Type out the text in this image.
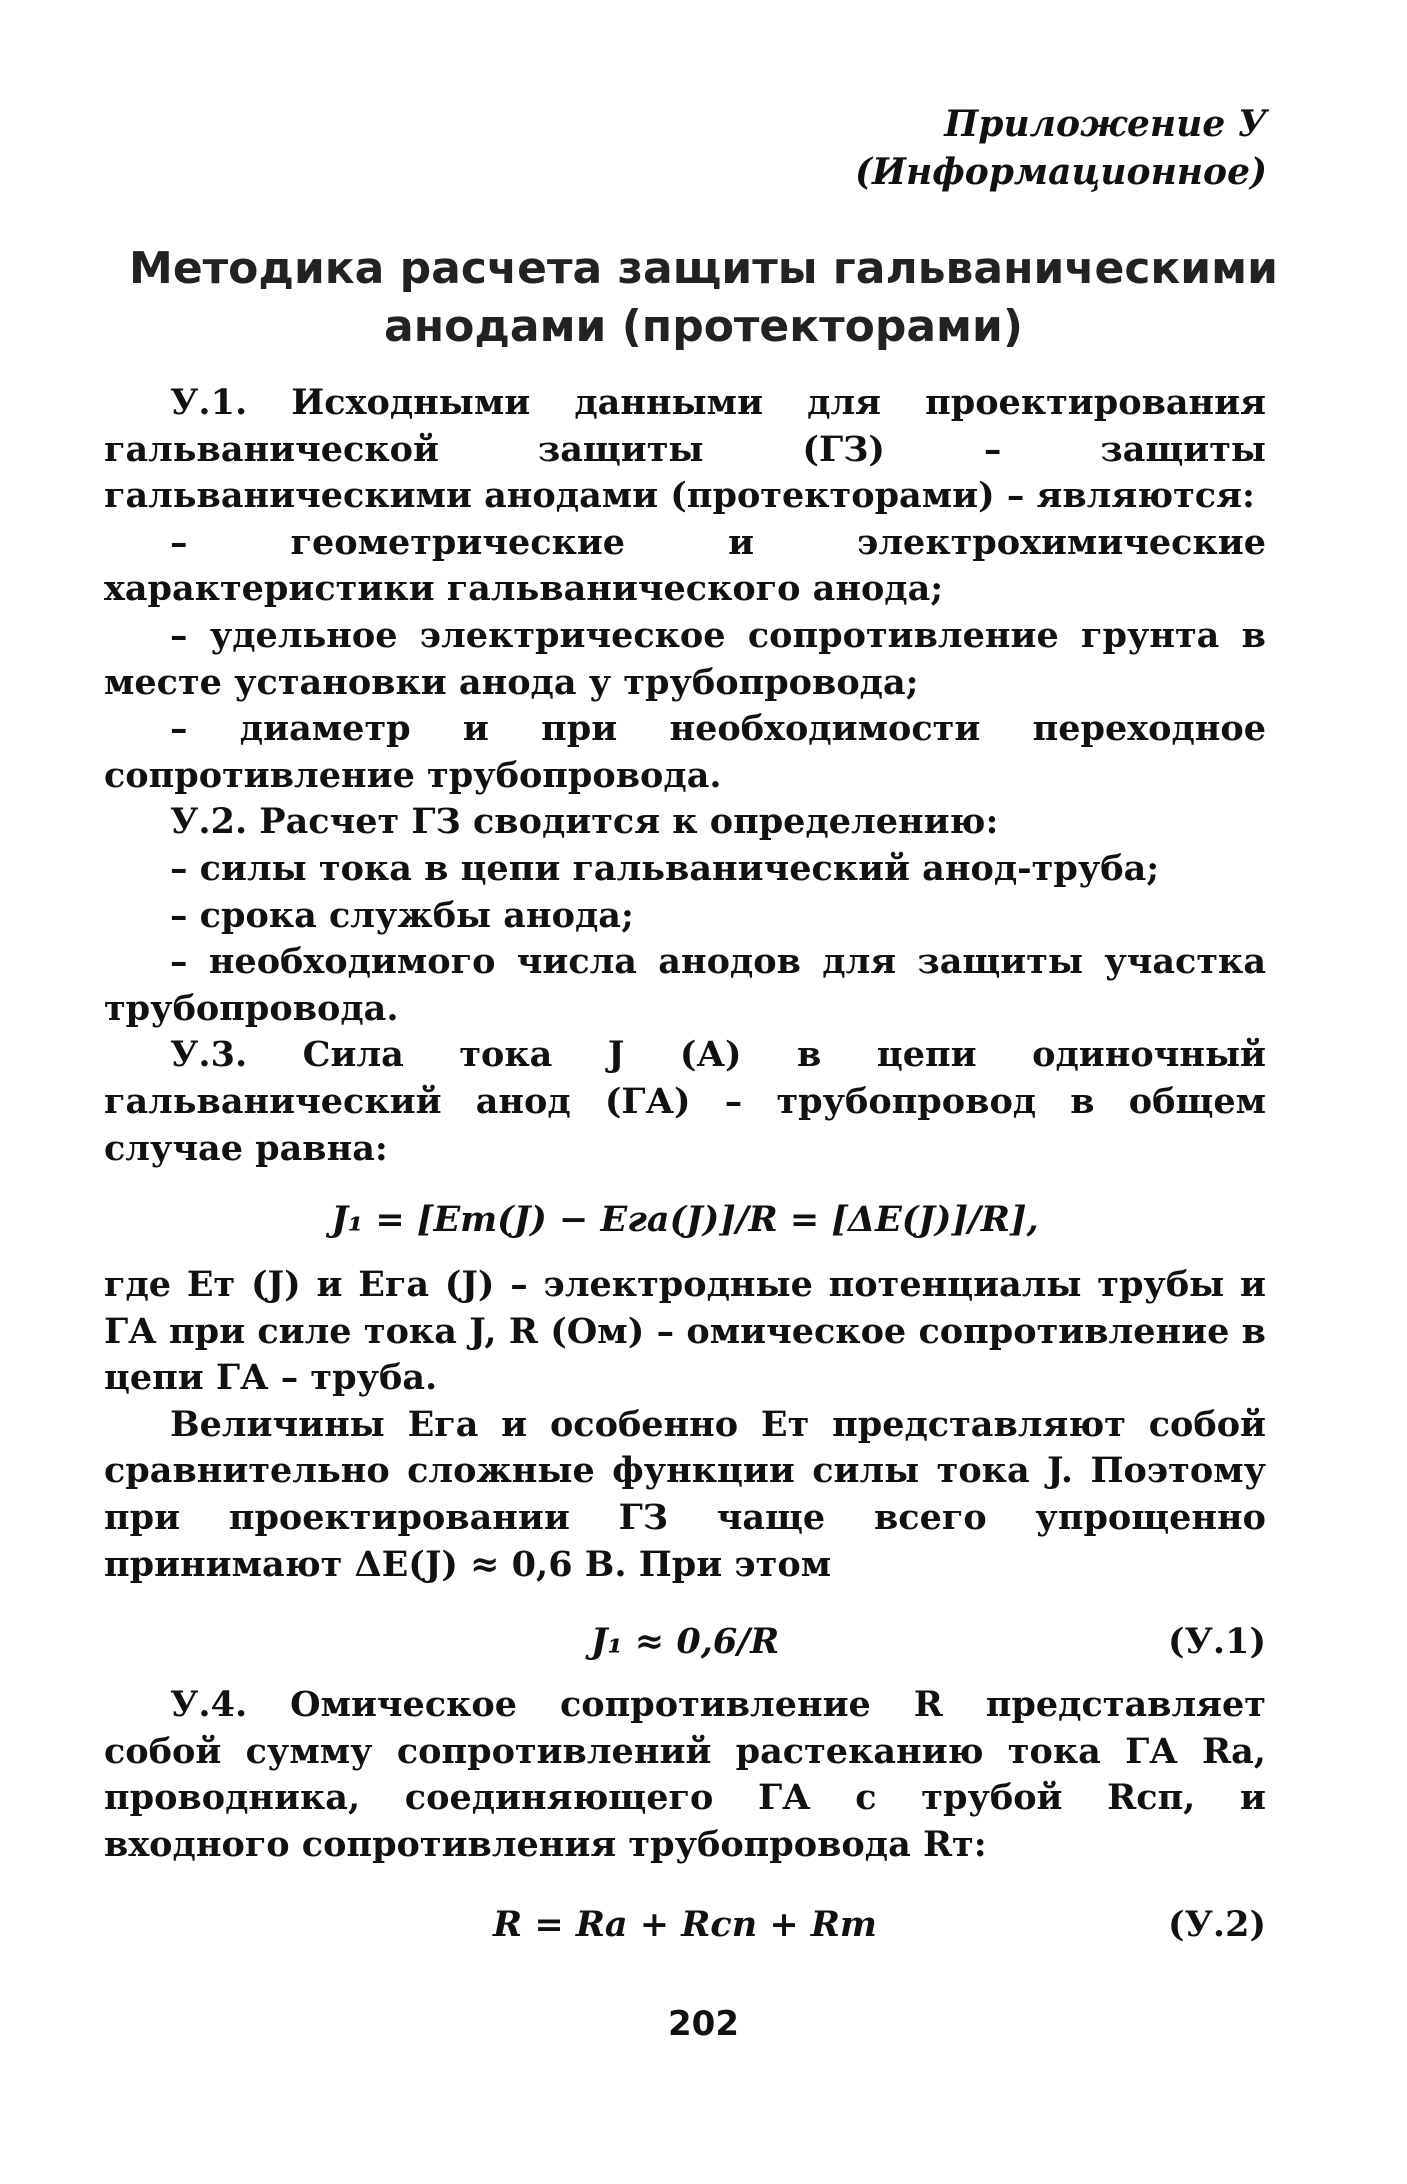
Приложение У
(Информационное)
Методика расчета защиты гальваническими анодами (протекторами)

У.1. Исходными данными для проектирования гальванической защиты (ГЗ) – защиты гальваническими анодами (протекторами) – являются:

– геометрические и электрохимические характеристики гальванического анода;

– удельное электрическое сопротивление грунта в месте установки анода у трубопровода;

– диаметр и при необходимости переходное сопротивление трубопровода.

У.2. Расчет ГЗ сводится к определению:

– силы тока в цепи гальванический анод-труба;

– срока службы анода;

– необходимого числа анодов для защиты участка трубопровода.

У.3. Сила тока J (А) в цепи одиночный гальванический анод (ГА) – трубопровод в общем случае равна:

J₁ = [Eт(J) − Eга(J)]/R = [ΔE(J)]/R],

где Eт (J) и Eга (J) – электродные потенциалы трубы и ГА при силе тока J, R (Ом) – омическое сопротивление в цепи ГА – труба.

Величины Eга и особенно Eт представляют собой сравнительно сложные функции силы тока J. Поэтому при проектировании ГЗ чаще всего упрощенно принимают ΔE(J) ≈ 0,6 В. При этом

J₁ ≈ 0,6/R	(У.1)

У.4. Омическое сопротивление R представляет собой сумму сопротивлений растеканию тока ГА Rа, проводника, соединяющего ГА с трубой Rсп, и входного сопротивления трубопровода Rт:

R = Rа + Rсп + Rт	(У.2)
202
